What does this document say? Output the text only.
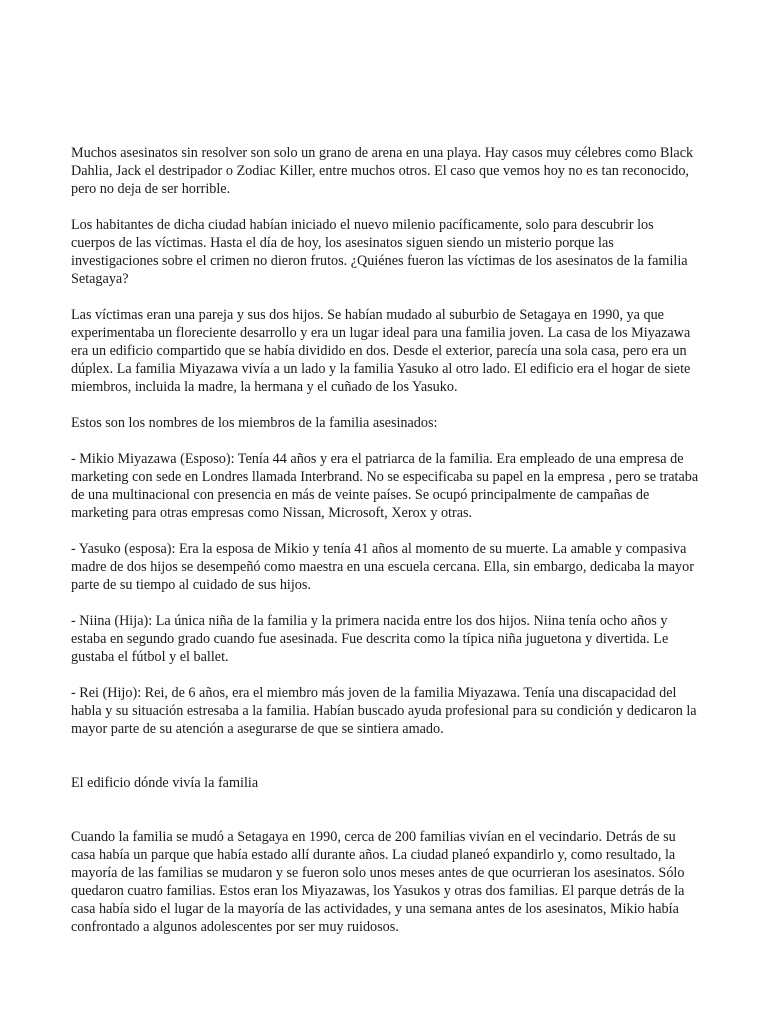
Muchos asesinatos sin resolver son solo un grano de arena en una playa. Hay casos muy célebres como Black Dahlia, Jack el destripador o Zodiac Killer, entre muchos otros. El caso que vemos hoy no es tan reconocido, pero no deja de ser horrible.

Los habitantes de dicha ciudad habían iniciado el nuevo milenio pacíficamente, solo para descubrir los cuerpos de las víctimas. Hasta el día de hoy, los asesinatos siguen siendo un misterio porque las investigaciones sobre el crimen no dieron frutos. ¿Quiénes fueron las víctimas de los asesinatos de la familia Setagaya?

Las víctimas eran una pareja y sus dos hijos. Se habían mudado al suburbio de Setagaya en 1990, ya que experimentaba un floreciente desarrollo y era un lugar ideal para una familia joven. La casa de los Miyazawa era un edificio compartido que se había dividido en dos. Desde el exterior, parecía una sola casa, pero era un dúplex. La familia Miyazawa vivía a un lado y la familia Yasuko al otro lado. El edificio era el hogar de siete miembros, incluida la madre, la hermana y el cuñado de los Yasuko.

Estos son los nombres de los miembros de la familia asesinados:

- Mikio Miyazawa (Esposo): Tenía 44 años y era el patriarca de la familia. Era empleado de una empresa de marketing con sede en Londres llamada Interbrand. No se especificaba su papel en la empresa , pero se trataba de una multinacional con presencia en más de veinte países. Se ocupó principalmente de campañas de marketing para otras empresas como Nissan, Microsoft, Xerox y otras.

- Yasuko (esposa): Era la esposa de Mikio y tenía 41 años al momento de su muerte. La amable y compasiva madre de dos hijos se desempeñó como maestra en una escuela cercana. Ella, sin embargo, dedicaba la mayor parte de su tiempo al cuidado de sus hijos.

- Niina (Hija): La única niña de la familia y la primera nacida entre los dos hijos. Niina tenía ocho años y estaba en segundo grado cuando fue asesinada. Fue descrita como la típica niña juguetona y divertida. Le gustaba el fútbol y el ballet.

- Rei (Hijo): Rei, de 6 años, era el miembro más joven de la familia Miyazawa. Tenía una discapacidad del habla y su situación estresaba a la familia. Habían buscado ayuda profesional para su condición y dedicaron la mayor parte de su atención a asegurarse de que se sintiera amado.

El edificio dónde vivía la familia

Cuando la familia se mudó a Setagaya en 1990, cerca de 200 familias vivían en el vecindario. Detrás de su casa había un parque que había estado allí durante años. La ciudad planeó expandirlo y, como resultado, la mayoría de las familias se mudaron y se fueron solo unos meses antes de que ocurrieran los asesinatos. Sólo quedaron cuatro familias. Estos eran los Miyazawas, los Yasukos y otras dos familias. El parque detrás de la casa había sido el lugar de la mayoría de las actividades, y una semana antes de los asesinatos, Mikio había confrontado a algunos adolescentes por ser muy ruidosos.
